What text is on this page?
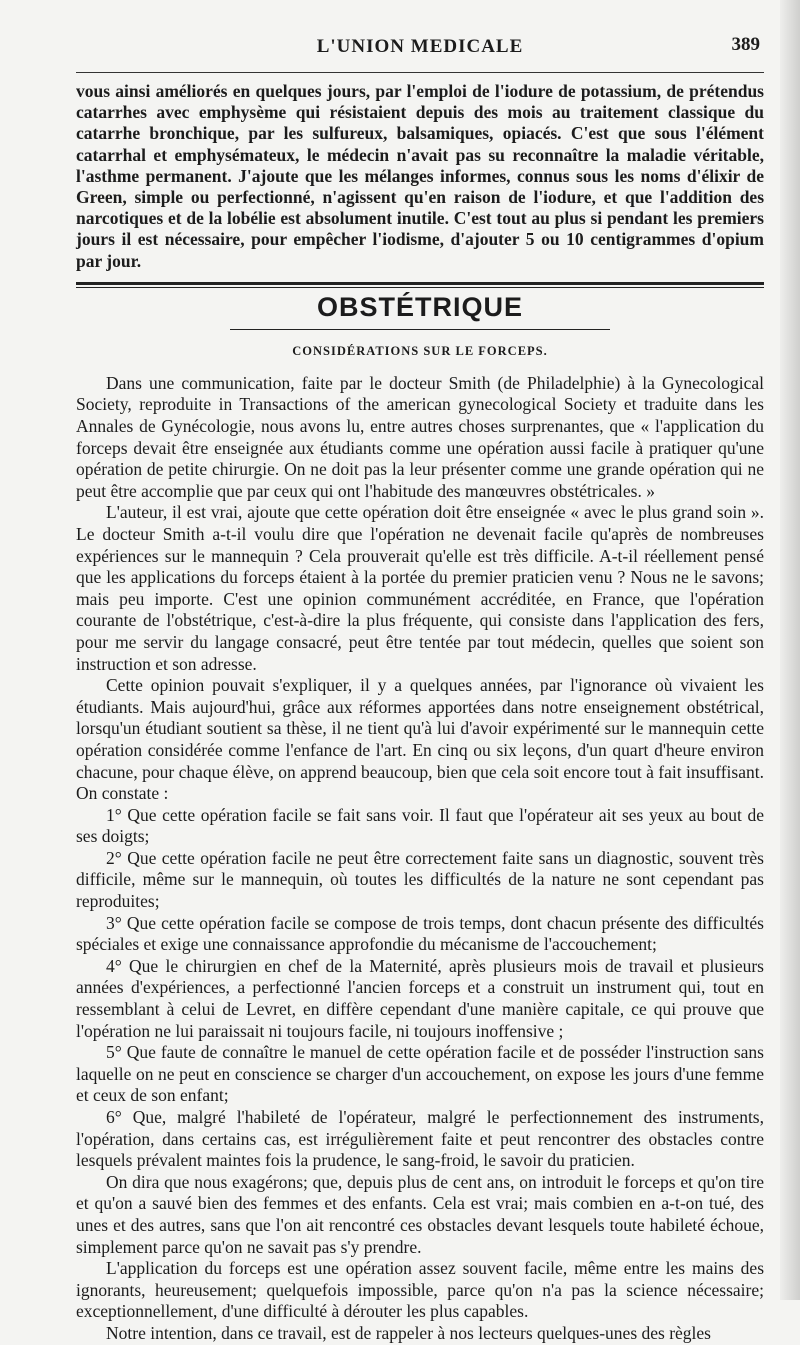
L'UNION MEDICALE	389

vous ainsi améliorés en quelques jours, par l'emploi de l'iodure de potassium, de prétendus catarrhes avec emphysème qui résistaient depuis des mois au traitement classique du catarrhe bronchique, par les sulfureux, balsamiques, opiacés. C'est que sous l'élément catarrhal et emphysémateux, le médecin n'avait pas su reconnaître la maladie véritable, l'asthme permanent. J'ajoute que les mélanges informes, connus sous les noms d'élixir de Green, simple ou perfectionné, n'agissent qu'en raison de l'iodure, et que l'addition des narcotiques et de la lobélie est absolument inutile. C'est tout au plus si pendant les premiers jours il est nécessaire, pour empêcher l'iodisme, d'ajouter 5 ou 10 centigrammes d'opium par jour.

OBSTÉTRIQUE
CONSIDÉRATIONS SUR LE FORCEPS.

Dans une communication, faite par le docteur Smith (de Philadelphie) à la Gynecological Society, reproduite in Transactions of the american gynecological Society et traduite dans les Annales de Gynécologie, nous avons lu, entre autres choses surprenantes, que « l'application du forceps devait être enseignée aux étudiants comme une opération aussi facile à pratiquer qu'une opération de petite chirurgie. On ne doit pas la leur présenter comme une grande opération qui ne peut être accomplie que par ceux qui ont l'habitude des manœuvres obstétricales. »

L'auteur, il est vrai, ajoute que cette opération doit être enseignée « avec le plus grand soin ». Le docteur Smith a-t-il voulu dire que l'opération ne devenait facile qu'après de nombreuses expériences sur le mannequin ? Cela prouverait qu'elle est très difficile. A-t-il réellement pensé que les applications du forceps étaient à la portée du premier praticien venu ? Nous ne le savons; mais peu importe. C'est une opinion communément accréditée, en France, que l'opération courante de l'obstétrique, c'est-à-dire la plus fréquente, qui consiste dans l'application des fers, pour me servir du langage consacré, peut être tentée par tout médecin, quelles que soient son instruction et son adresse.

Cette opinion pouvait s'expliquer, il y a quelques années, par l'ignorance où vivaient les étudiants. Mais aujourd'hui, grâce aux réformes apportées dans notre enseignement obstétrical, lorsqu'un étudiant soutient sa thèse, il ne tient qu'à lui d'avoir expérimenté sur le mannequin cette opération considérée comme l'enfance de l'art. En cinq ou six leçons, d'un quart d'heure environ chacune, pour chaque élève, on apprend beaucoup, bien que cela soit encore tout à fait insuffisant. On constate :

1° Que cette opération facile se fait sans voir. Il faut que l'opérateur ait ses yeux au bout de ses doigts;

2° Que cette opération facile ne peut être correctement faite sans un diagnostic, souvent très difficile, même sur le mannequin, où toutes les difficultés de la nature ne sont cependant pas reproduites;

3° Que cette opération facile se compose de trois temps, dont chacun présente des difficultés spéciales et exige une connaissance approfondie du mécanisme de l'accouchement;

4° Que le chirurgien en chef de la Maternité, après plusieurs mois de travail et plusieurs années d'expériences, a perfectionné l'ancien forceps et a construit un instrument qui, tout en ressemblant à celui de Levret, en diffère cependant d'une manière capitale, ce qui prouve que l'opération ne lui paraissait ni toujours facile, ni toujours inoffensive ;

5° Que faute de connaître le manuel de cette opération facile et de posséder l'instruction sans laquelle on ne peut en conscience se charger d'un accouchement, on expose les jours d'une femme et ceux de son enfant;

6° Que, malgré l'habileté de l'opérateur, malgré le perfectionnement des instruments, l'opération, dans certains cas, est irrégulièrement faite et peut rencontrer des obstacles contre lesquels prévalent maintes fois la prudence, le sang-froid, le savoir du praticien.

On dira que nous exagérons; que, depuis plus de cent ans, on introduit le forceps et qu'on tire et qu'on a sauvé bien des femmes et des enfants. Cela est vrai; mais combien en a-t-on tué, des unes et des autres, sans que l'on ait rencontré ces obstacles devant lesquels toute habileté échoue, simplement parce qu'on ne savait pas s'y prendre.

L'application du forceps est une opération assez souvent facile, même entre les mains des ignorants, heureusement; quelquefois impossible, parce qu'on n'a pas la science nécessaire; exceptionnellement, d'une difficulté à dérouter les plus capables.

Notre intention, dans ce travail, est de rappeler à nos lecteurs quelques-unes des règles
